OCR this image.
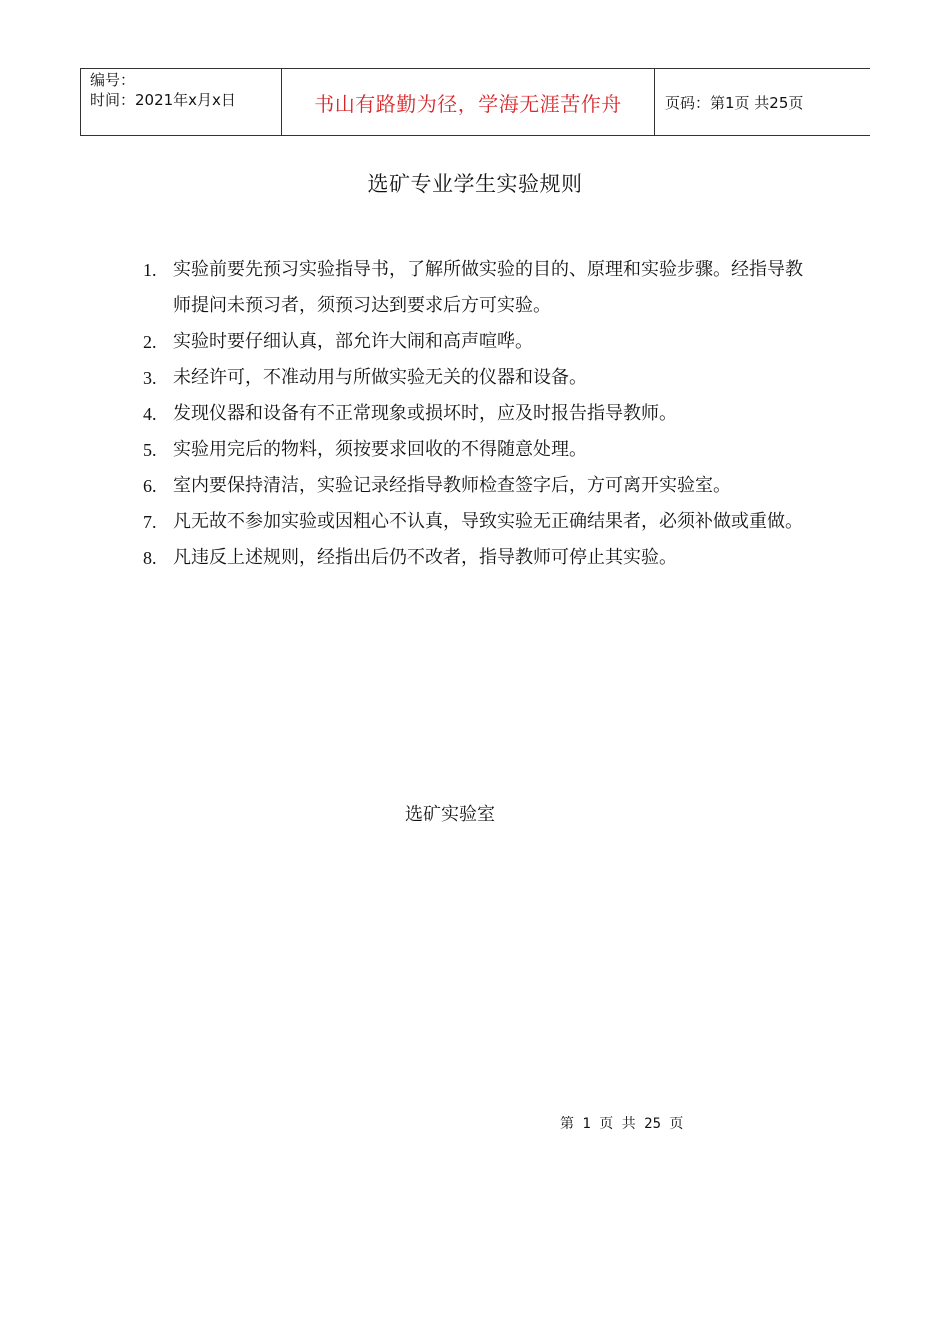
编号：
时间：2021年x月x日	书山有路勤为径，学海无涯苦作舟	页码：第1页 共25页
选矿专业学生实验规则
1. 实验前要先预习实验指导书，了解所做实验的目的、原理和实验步骤。经指导教师提问未预习者，须预习达到要求后方可实验。
2. 实验时要仔细认真，部允许大闹和高声喧哗。
3. 未经许可，不准动用与所做实验无关的仪器和设备。
4. 发现仪器和设备有不正常现象或损坏时，应及时报告指导教师。
5. 实验用完后的物料，须按要求回收的不得随意处理。
6. 室内要保持清洁，实验记录经指导教师检查签字后，方可离开实验室。
7. 凡无故不参加实验或因粗心不认真，导致实验无正确结果者，必须补做或重做。
8. 凡违反上述规则，经指出后仍不改者，指导教师可停止其实验。
选矿实验室
第 1 页 共 25 页
